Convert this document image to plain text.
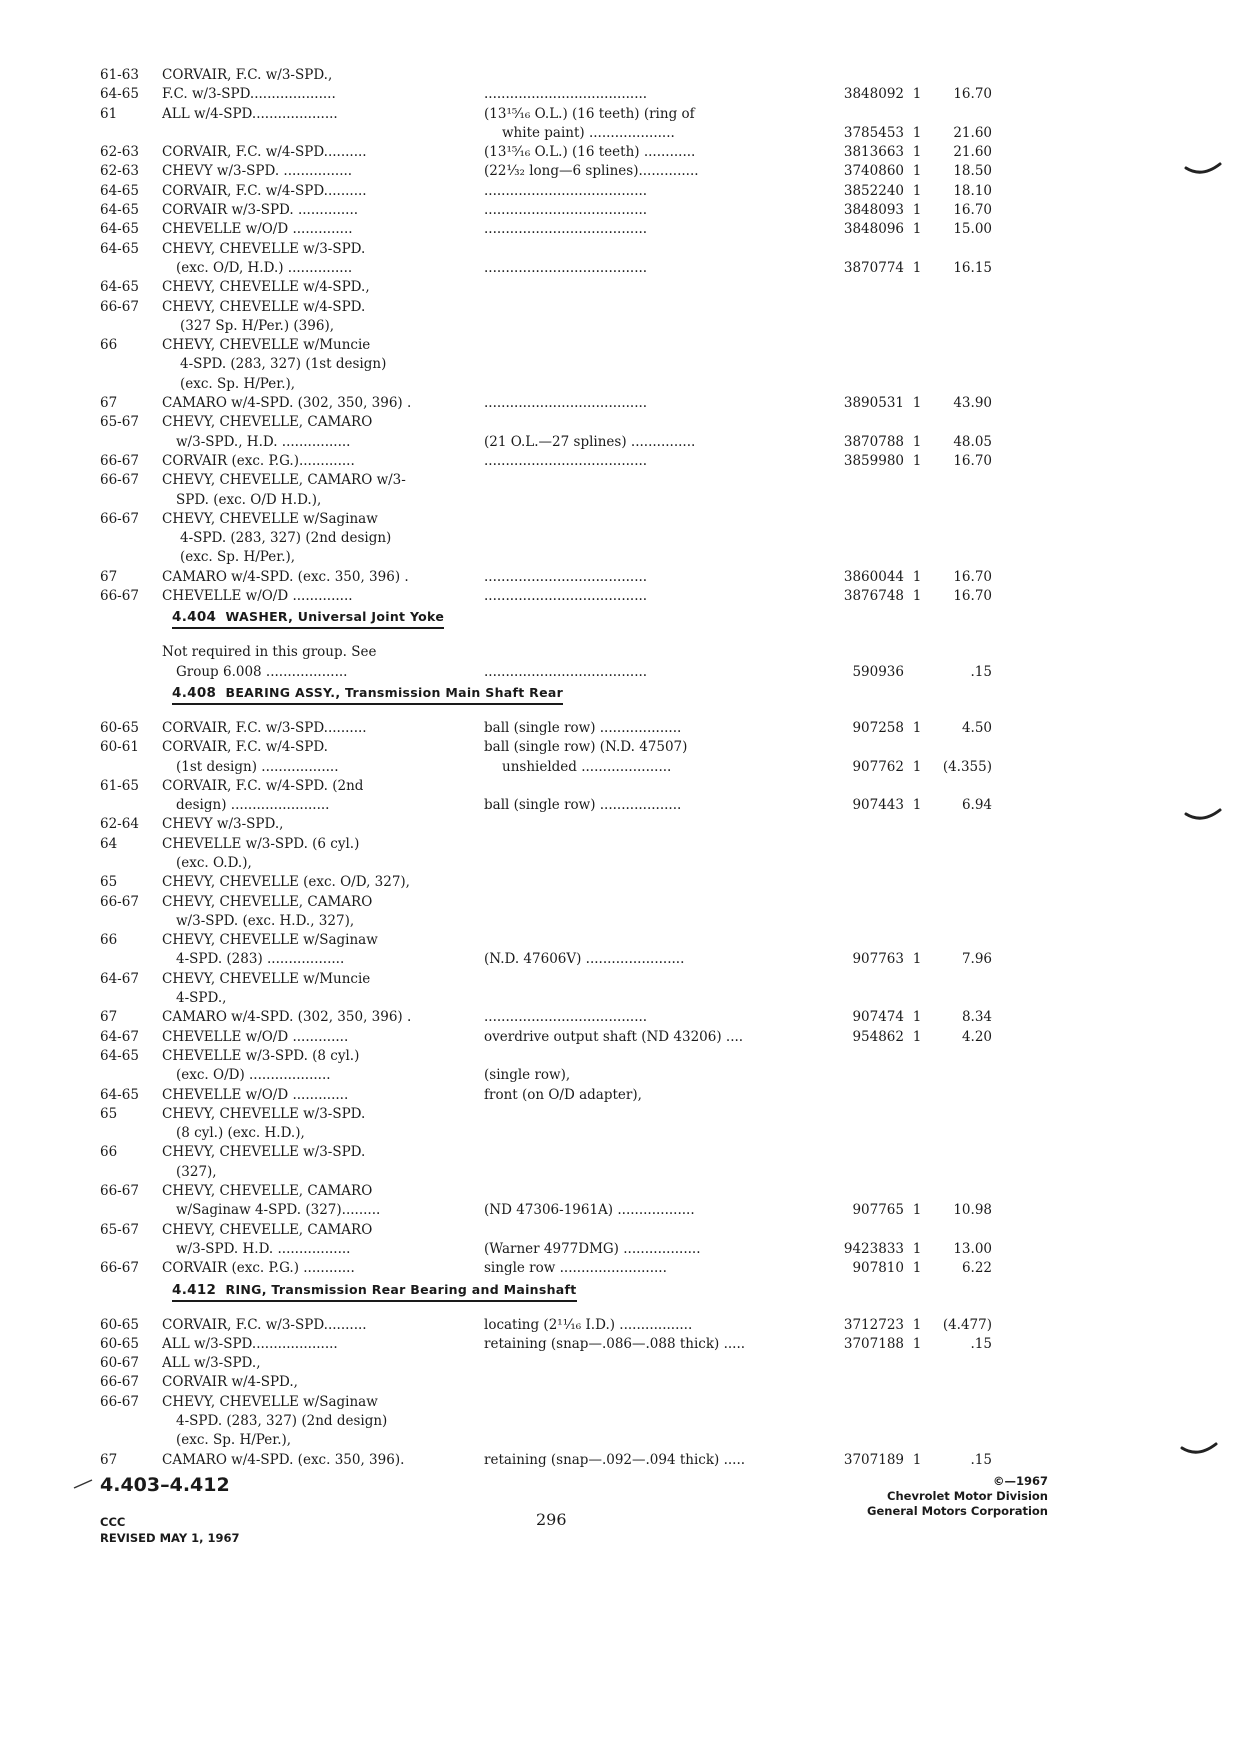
61-63	CORVAIR, F.C. w/3-SPD.,
64-65	F.C. w/3-SPD....................	......................................	3848092 1	16.70
61	ALL w/4-SPD....................	(13¹⁵⁄₁₆ O.L.) (16 teeth) (ring of
white paint) ....................	3785453 1	21.60
62-63	CORVAIR, F.C. w/4-SPD..........	(13¹⁵⁄₁₆ O.L.) (16 teeth) ............	3813663 1	21.60
62-63	CHEVY w/3-SPD. ................	(22⅓₂ long—6 splines)..............	3740860 1	18.50
64-65	CORVAIR, F.C. w/4-SPD..........	......................................	3852240 1	18.10
64-65	CORVAIR w/3-SPD. ..............	......................................	3848093 1	16.70
64-65	CHEVELLE w/O/D ..............	......................................	3848096 1	15.00
64-65	CHEVY, CHEVELLE w/3-SPD.
(exc. O/D, H.D.) ...............	......................................	3870774 1	16.15
64-65	CHEVY, CHEVELLE w/4-SPD.,
66-67	CHEVY, CHEVELLE w/4-SPD.
(327 Sp. H/Per.) (396),
66	CHEVY, CHEVELLE w/Muncie
4-SPD. (283, 327) (1st design)
(exc. Sp. H/Per.),
67	CAMARO w/4-SPD. (302, 350, 396) .	......................................	3890531 1	43.90
65-67	CHEVY, CHEVELLE, CAMARO
w/3-SPD., H.D. ................	(21 O.L.—27 splines) ...............	3870788 1	48.05
66-67	CORVAIR (exc. P.G.).............	......................................	3859980 1	16.70
66-67	CHEVY, CHEVELLE, CAMARO w/3-
SPD. (exc. O/D H.D.),
66-67	CHEVY, CHEVELLE w/Saginaw
4-SPD. (283, 327) (2nd design)
(exc. Sp. H/Per.),
67	CAMARO w/4-SPD. (exc. 350, 396) .	......................................	3860044 1	16.70
66-67	CHEVELLE w/O/D ..............	......................................	3876748 1	16.70
4.404 WASHER, Universal Joint Yoke
Not required in this group. See
Group 6.008 ...................	......................................	590936	.15
4.408 BEARING ASSY., Transmission Main Shaft Rear
60-65	CORVAIR, F.C. w/3-SPD..........	ball (single row) ...................	907258 1	4.50
60-61	CORVAIR, F.C. w/4-SPD.	ball (single row) (N.D. 47507)
(1st design) ..................	unshielded .....................	907762 1	(4.355)
61-65	CORVAIR, F.C. w/4-SPD. (2nd
design) .......................	ball (single row) ...................	907443 1	6.94
62-64	CHEVY w/3-SPD.,
64	CHEVELLE w/3-SPD. (6 cyl.)
(exc. O.D.),
65	CHEVY, CHEVELLE (exc. O/D, 327),
66-67	CHEVY, CHEVELLE, CAMARO
w/3-SPD. (exc. H.D., 327),
66	CHEVY, CHEVELLE w/Saginaw
4-SPD. (283) ..................	(N.D. 47606V) .......................	907763 1	7.96
64-67	CHEVY, CHEVELLE w/Muncie
4-SPD.,
67	CAMARO w/4-SPD. (302, 350, 396) .	......................................	907474 1	8.34
64-67	CHEVELLE w/O/D .............	overdrive output shaft (ND 43206) ....	954862 1	4.20
64-65	CHEVELLE w/3-SPD. (8 cyl.)
(exc. O/D) ...................	(single row),
64-65	CHEVELLE w/O/D .............	front (on O/D adapter),
65	CHEVY, CHEVELLE w/3-SPD.
(8 cyl.) (exc. H.D.),
66	CHEVY, CHEVELLE w/3-SPD.
(327),
66-67	CHEVY, CHEVELLE, CAMARO
w/Saginaw 4-SPD. (327).........	(ND 47306-1961A) ..................	907765 1	10.98
65-67	CHEVY, CHEVELLE, CAMARO
w/3-SPD. H.D. .................	(Warner 4977DMG) ..................	9423833 1	13.00
66-67	CORVAIR (exc. P.G.) ............	single row .........................	907810 1	6.22
4.412 RING, Transmission Rear Bearing and Mainshaft
60-65	CORVAIR, F.C. w/3-SPD..........	locating (2¹¹⁄₁₆ I.D.) .................	3712723 1	(4.477)
60-65	ALL w/3-SPD....................	retaining (snap—.086—.088 thick) .....	3707188 1	.15
60-67	ALL w/3-SPD.,
66-67	CORVAIR w/4-SPD.,
66-67	CHEVY, CHEVELLE w/Saginaw
4-SPD. (283, 327) (2nd design)
(exc. Sp. H/Per.),
67	CAMARO w/4-SPD. (exc. 350, 396).	retaining (snap—.092—.094 thick) .....	3707189 1	.15
4.403–4.412
296
©—1967
Chevrolet Motor Division
General Motors Corporation
CCC
REVISED MAY 1, 1967
